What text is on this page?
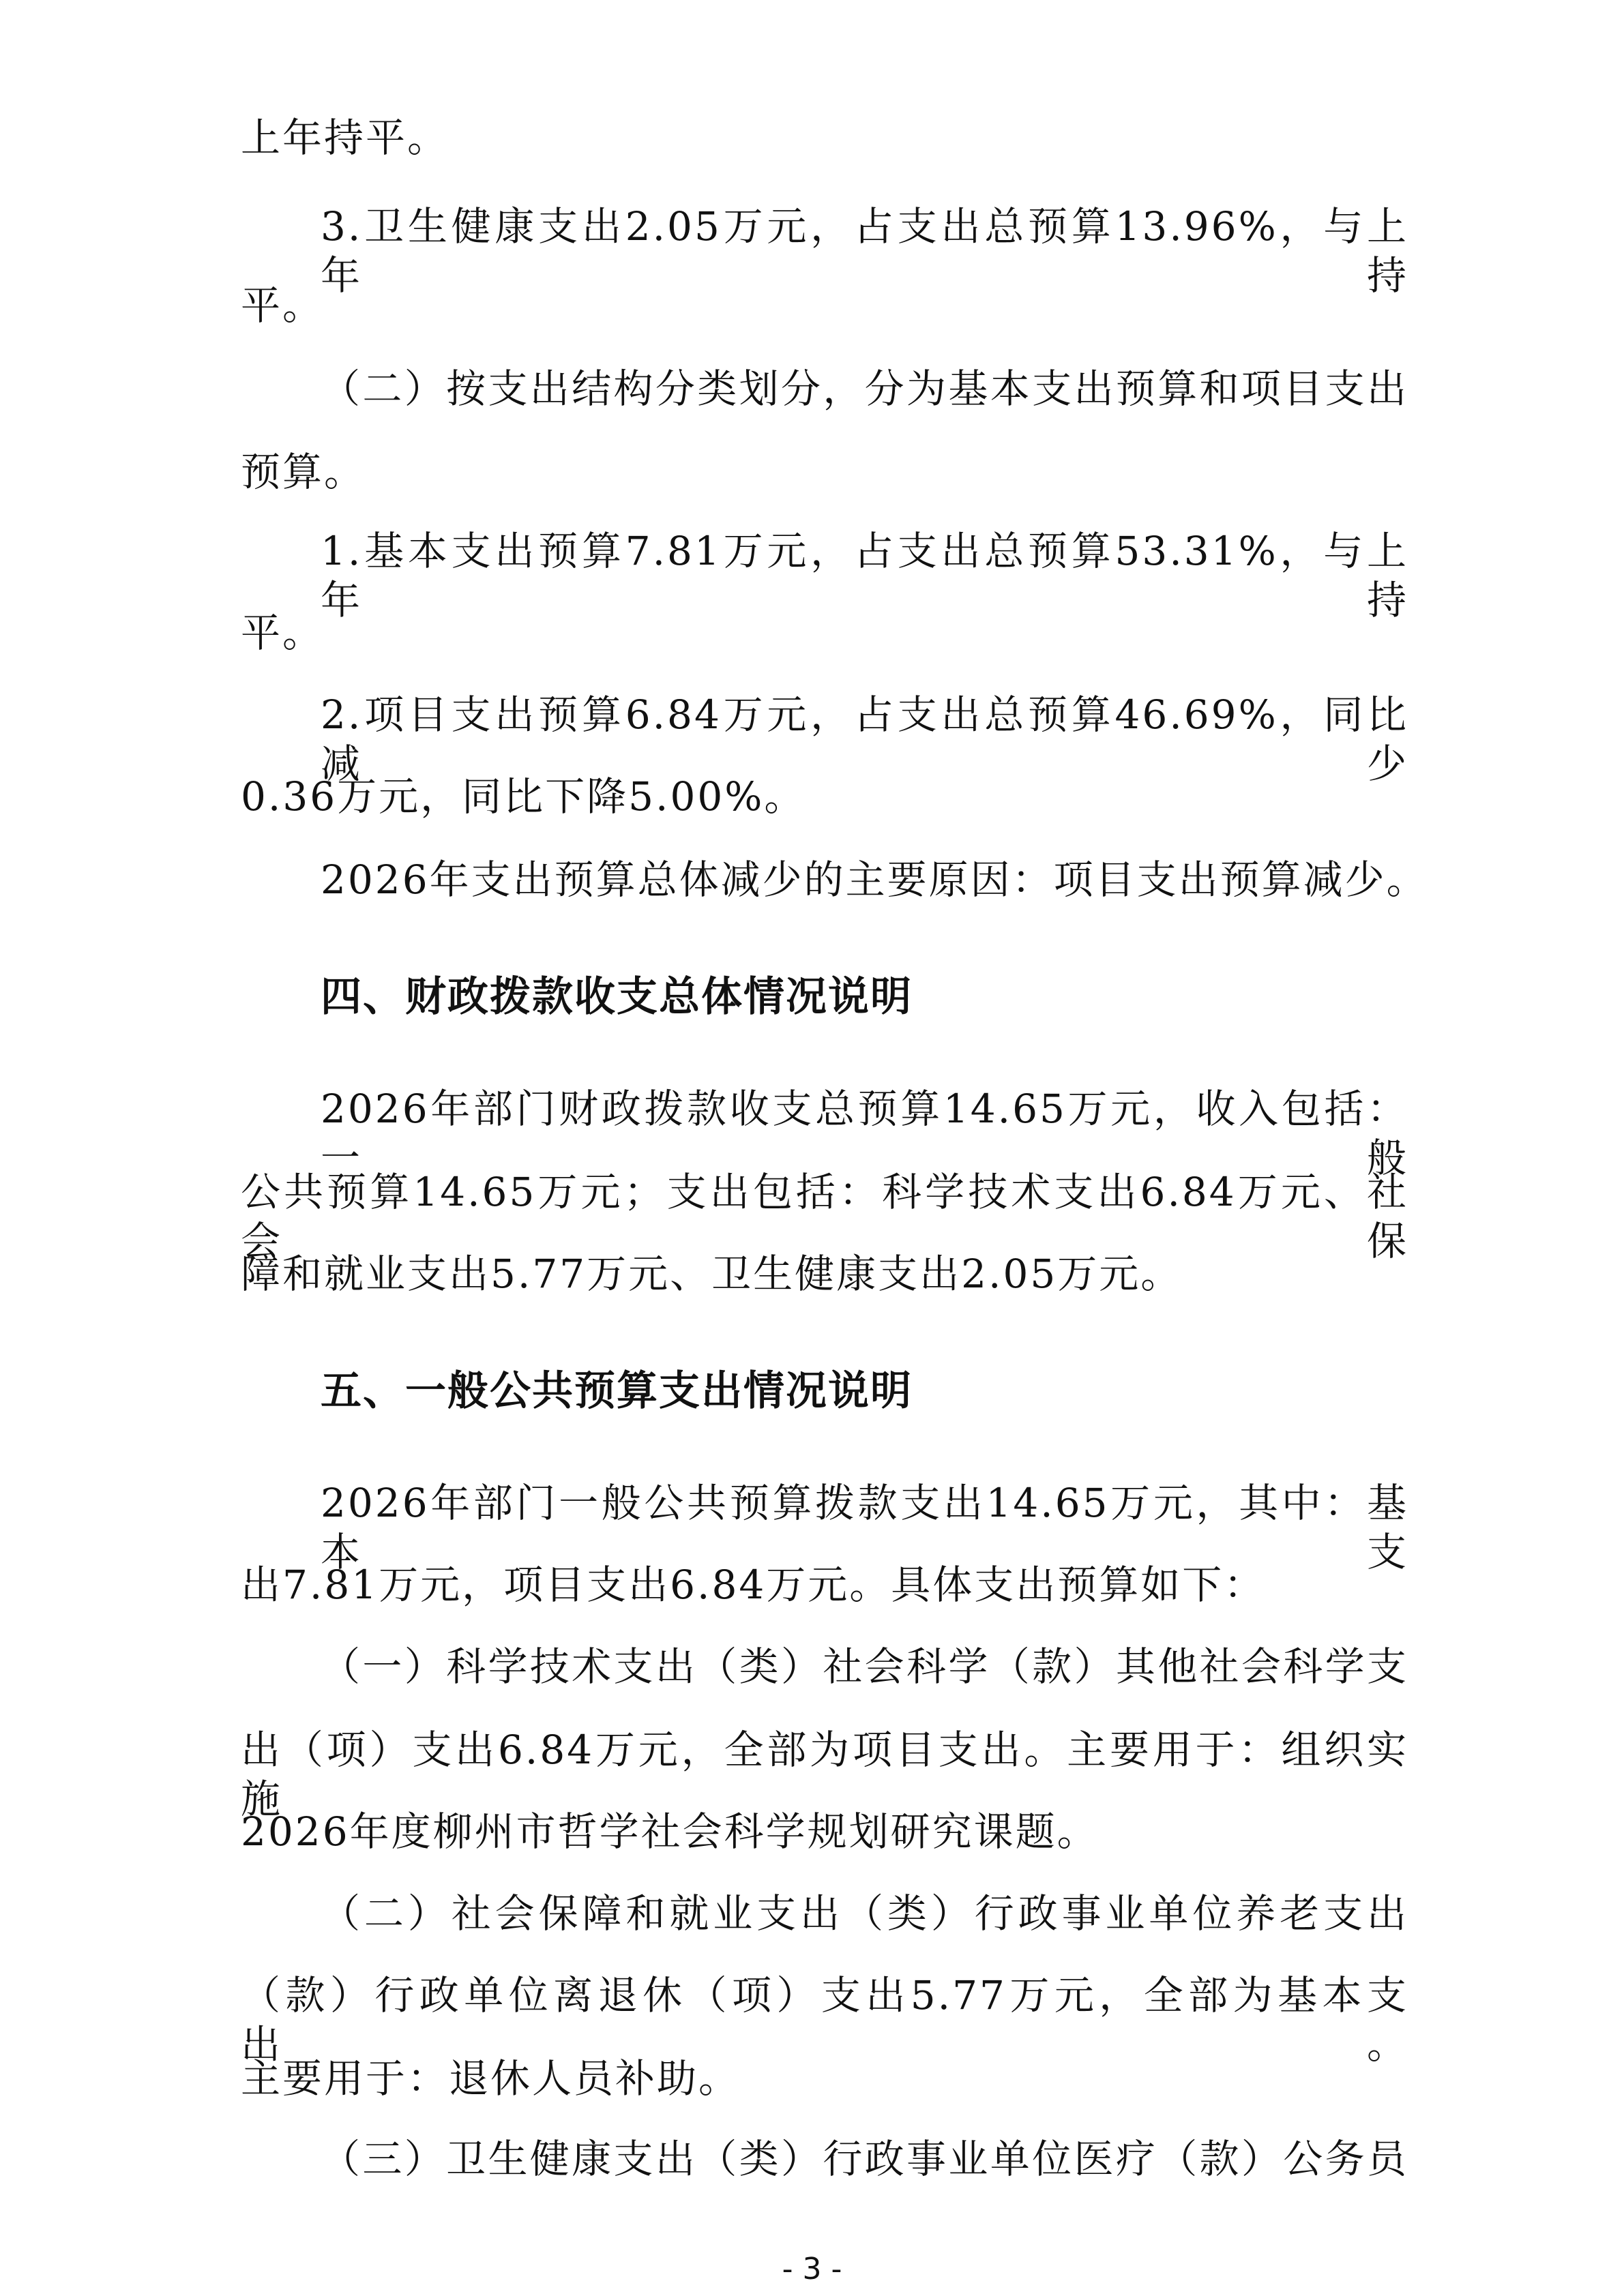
上年持平。
3.卫生健康支出2.05万元，占支出总预算13.96%，与上年持
平。
（二）按支出结构分类划分，分为基本支出预算和项目支出
预算。
1.基本支出预算7.81万元，占支出总预算53.31%，与上年持
平。
2.项目支出预算6.84万元，占支出总预算46.69%，同比减少
0.36万元，同比下降5.00%。
2026年支出预算总体减少的主要原因：项目支出预算减少。
四、财政拨款收支总体情况说明
2026年部门财政拨款收支总预算14.65万元，收入包括：一般
公共预算14.65万元；支出包括：科学技术支出6.84万元、社会保
障和就业支出5.77万元、卫生健康支出2.05万元。
五、一般公共预算支出情况说明
2026年部门一般公共预算拨款支出14.65万元，其中：基本支
出7.81万元，项目支出6.84万元。具体支出预算如下：
（一）科学技术支出（类）社会科学（款）其他社会科学支
出（项）支出6.84万元，全部为项目支出。主要用于：组织实施
2026年度柳州市哲学社会科学规划研究课题。
（二）社会保障和就业支出（类）行政事业单位养老支出
（款）行政单位离退休（项）支出5.77万元，全部为基本支出。
主要用于：退休人员补助。
（三）卫生健康支出（类）行政事业单位医疗（款）公务员
- 3 -
